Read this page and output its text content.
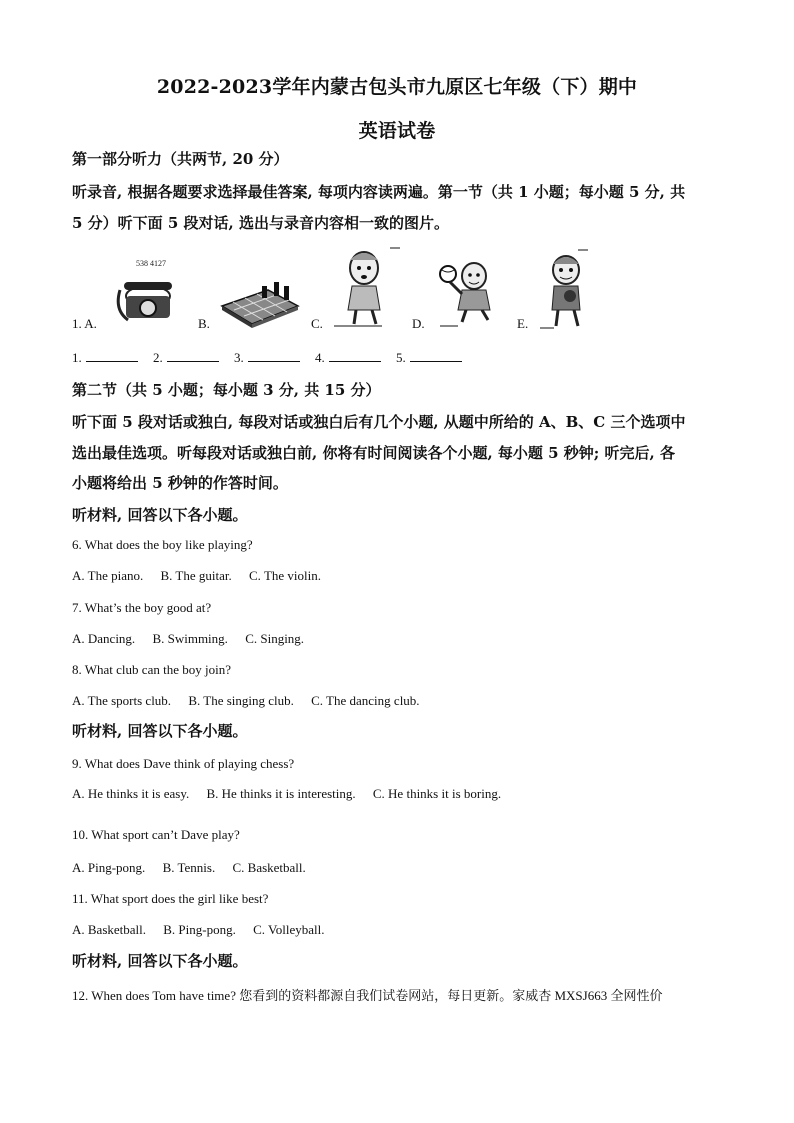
2022-2023学年内蒙古包头市九原区七年级（下）期中
英语试卷
第一部分听力（共两节, 20 分）
听录音, 根据各题要求选择最佳答案, 每项内容读两遍。第一节（共 1 小题；每小题 5 分, 共
5 分）听下面 5 段对话, 选出与录音内容相一致的图片。
1. A.
538 4127
B.	C.	D.	E.
1.	2.	3.	4.	5.
第二节（共 5 小题；每小题 3 分, 共 15 分）
听下面 5 段对话或独白, 每段对话或独白后有几个小题, 从题中所给的 A、B、C 三个选项中
选出最佳选项。听每段对话或独白前, 你将有时间阅读各个小题, 每小题 5 秒钟; 听完后, 各
小题将给出 5 秒钟的作答时间。
听材料, 回答以下各小题。
6. What does the boy like playing?
A. The piano. B. The guitar. C. The violin.
7. What’s the boy good at?
A. Dancing. B. Swimming. C. Singing.
8. What club can the boy join?
A. The sports club. B. The singing club. C. The dancing club.
听材料, 回答以下各小题。
9. What does Dave think of playing chess?
A. He thinks it is easy. B. He thinks it is interesting. C. He thinks it is boring.
10. What sport can’t Dave play?
A. Ping-pong. B. Tennis. C. Basketball.
11. What sport does the girl like best?
A. Basketball. B. Ping-pong. C. Volleyball.
听材料, 回答以下各小题。
12. When does Tom have time? 您看到的资料都源自我们试卷网站，每日更新。家威杏 MXSJ663 全网性价
